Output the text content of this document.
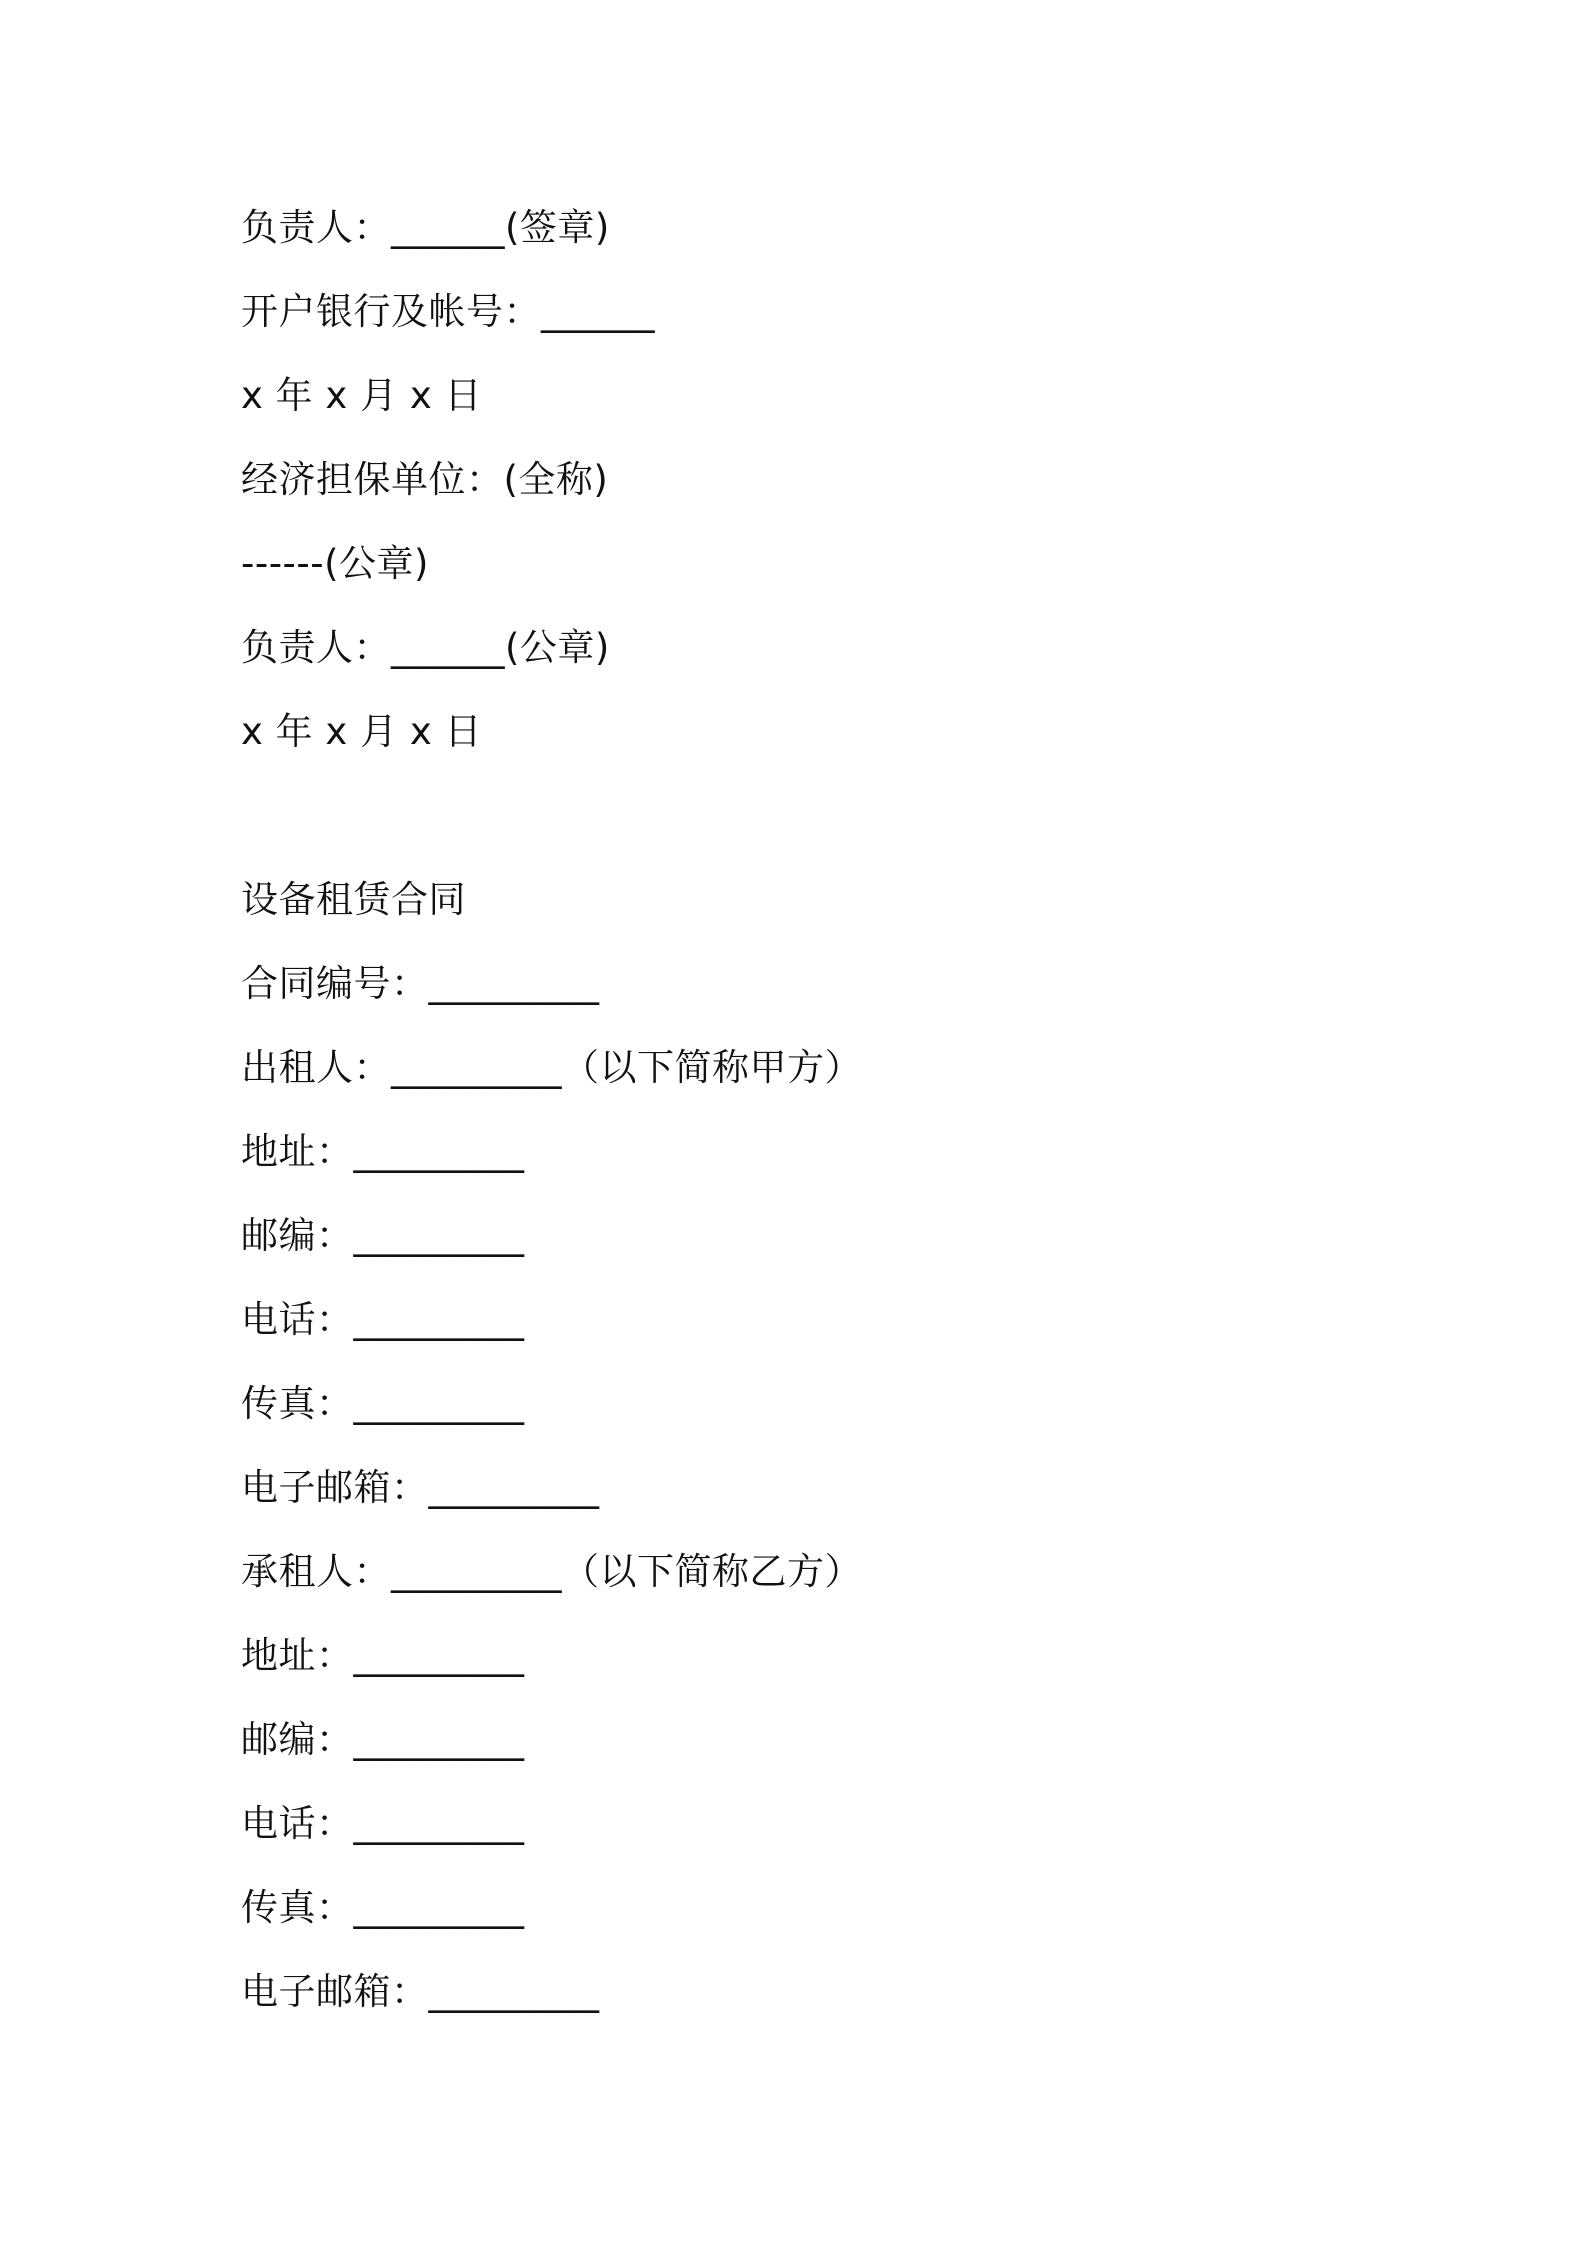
负责人：______(签章)
开户银行及帐号：______
x 年 x 月 x 日
经济担保单位：(全称)
------(公章)
负责人：______(公章)
x 年 x 月 x 日
设备租赁合同
合同编号：_________
出租人：_________（以下简称甲方）
地址：_________
邮编：_________
电话：_________
传真：_________
电子邮箱：_________
承租人：_________（以下简称乙方）
地址：_________
邮编：_________
电话：_________
传真：_________
电子邮箱：_________
